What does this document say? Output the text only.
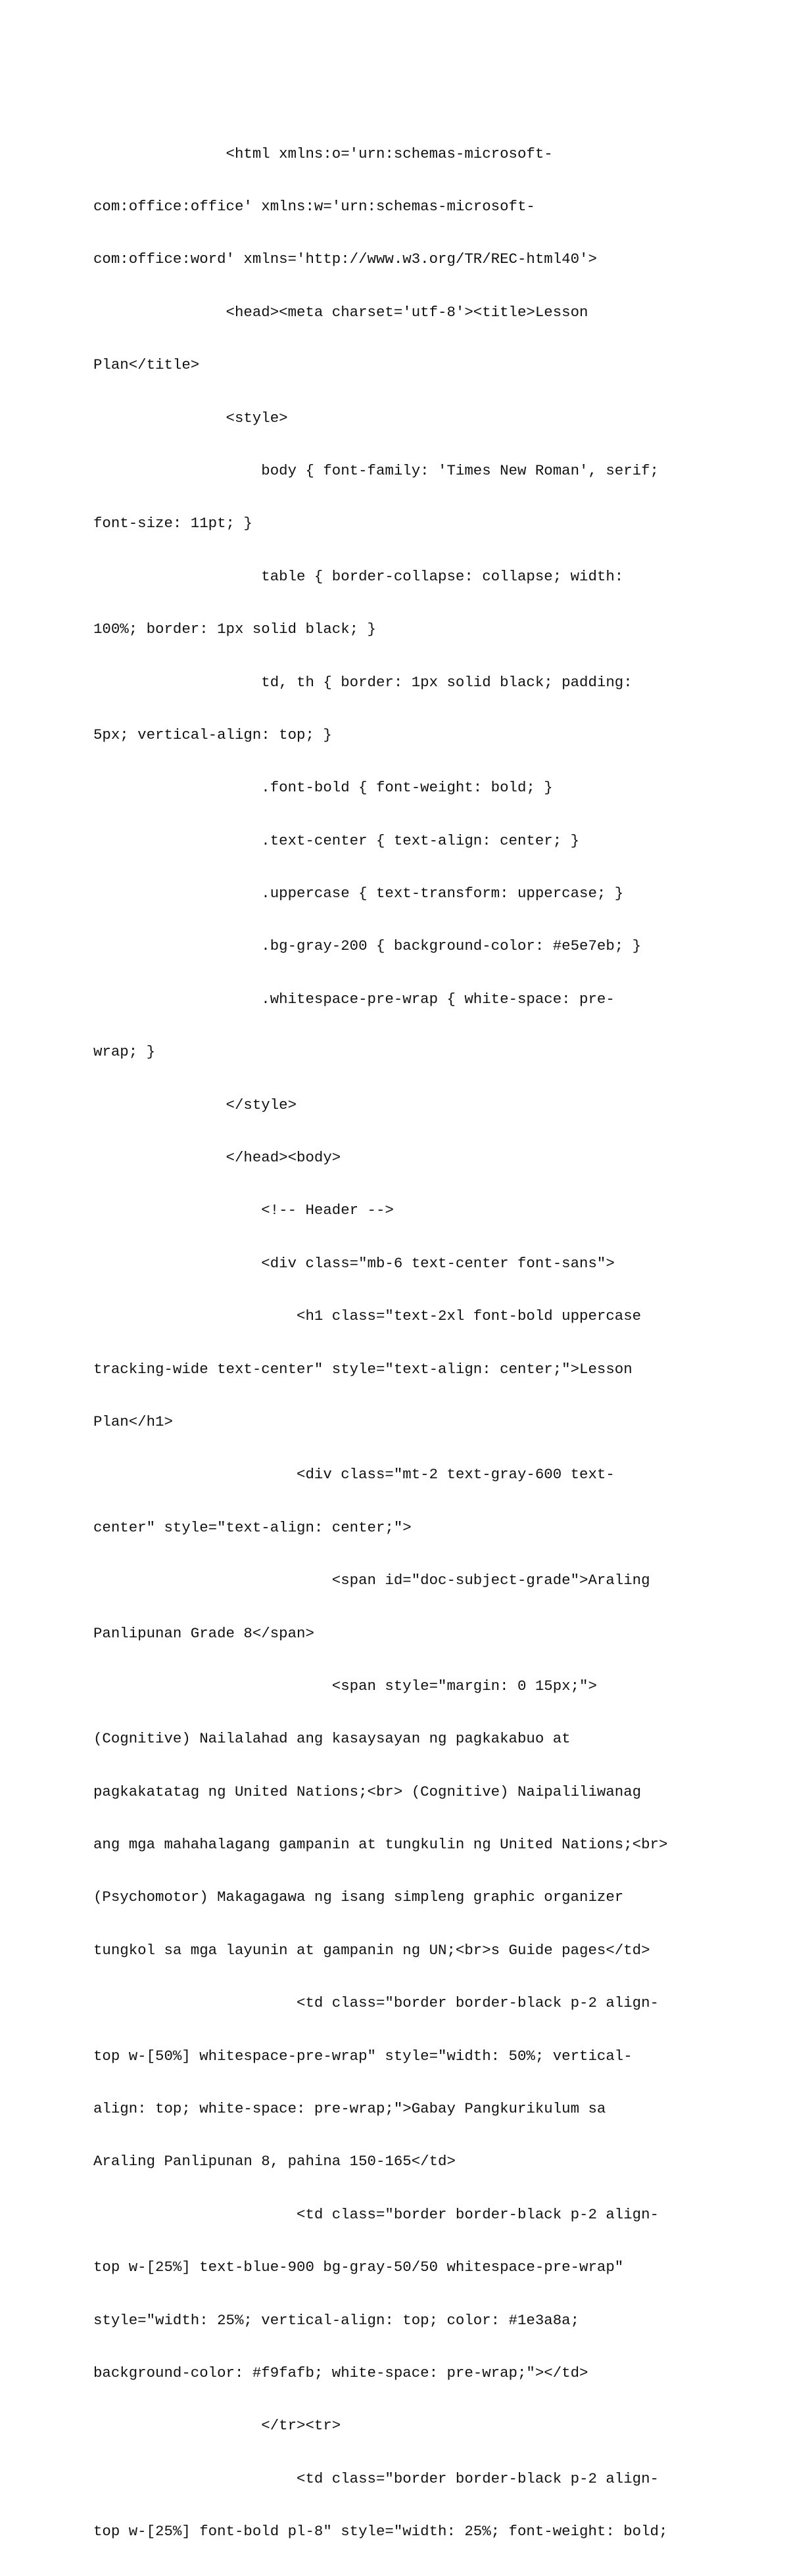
<html xmlns:o='urn:schemas-microsoft-

com:office:office' xmlns:w='urn:schemas-microsoft-

com:office:word' xmlns='http://www.w3.org/TR/REC-html40'>

<head><meta charset='utf-8'><title>Lesson

Plan</title>

<style>

body { font-family: 'Times New Roman', serif;

font-size: 11pt; }

table { border-collapse: collapse; width:

100%; border: 1px solid black; }

td, th { border: 1px solid black; padding:

5px; vertical-align: top; }

.font-bold { font-weight: bold; }

.text-center { text-align: center; }

.uppercase { text-transform: uppercase; }

.bg-gray-200 { background-color: #e5e7eb; }

.whitespace-pre-wrap { white-space: pre-

wrap; }

</style>

</head><body>

<!-- Header -->

<div class="mb-6 text-center font-sans">

<h1 class="text-2xl font-bold uppercase

tracking-wide text-center" style="text-align: center;">Lesson

Plan</h1>

<div class="mt-2 text-gray-600 text-

center" style="text-align: center;">

<span id="doc-subject-grade">Araling

Panlipunan Grade 8</span>

<span style="margin: 0 15px;">

(Cognitive) Nailalahad ang kasaysayan ng pagkakabuo at

pagkakatatag ng United Nations;<br> (Cognitive) Naipaliliwanag

ang mga mahahalagang gampanin at tungkulin ng United Nations;<br>

(Psychomotor) Makagagawa ng isang simpleng graphic organizer

tungkol sa mga layunin at gampanin ng UN;<br>s Guide pages</td>

<td class="border border-black p-2 align-

top w-[50%] whitespace-pre-wrap" style="width: 50%; vertical-

align: top; white-space: pre-wrap;">Gabay Pangkurikulum sa

Araling Panlipunan 8, pahina 150-165</td>

<td class="border border-black p-2 align-

top w-[25%] text-blue-900 bg-gray-50/50 whitespace-pre-wrap"

style="width: 25%; vertical-align: top; color: #1e3a8a;

background-color: #f9fafb; white-space: pre-wrap;"></td>

</tr><tr>

<td class="border border-black p-2 align-

top w-[25%] font-bold pl-8" style="width: 25%; font-weight: bold;
